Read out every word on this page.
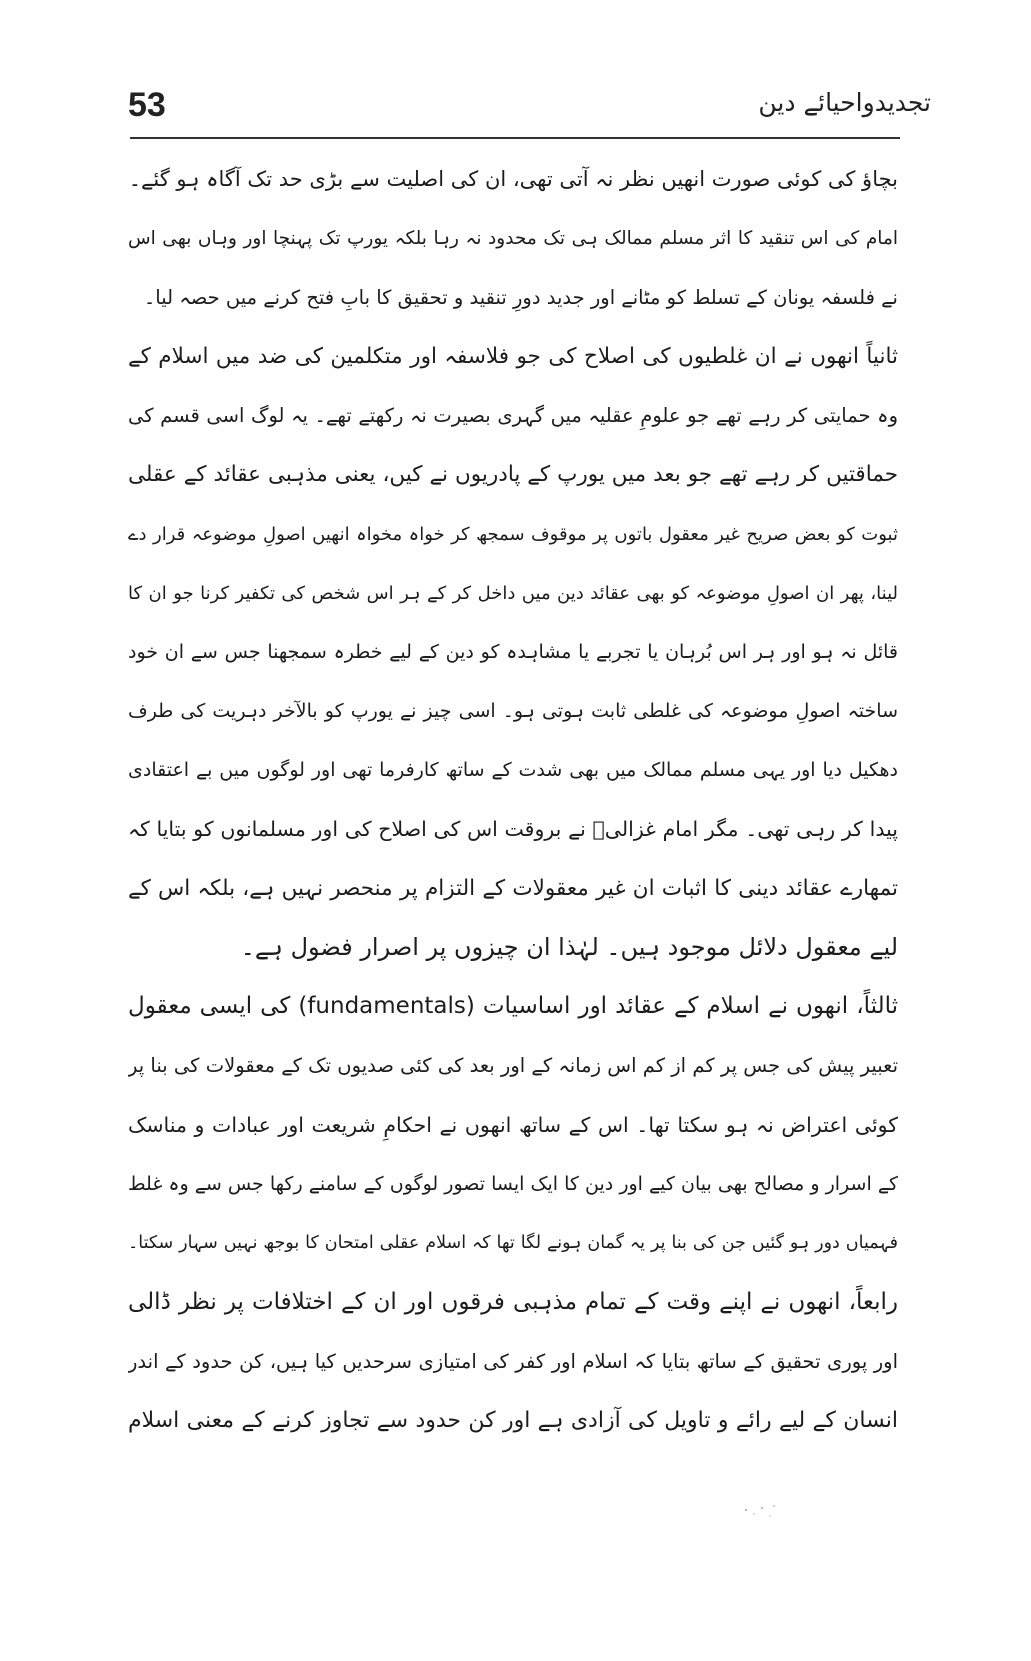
53	تجدیدواحیائے دین
بچاؤ کی کوئی صورت انھیں نظر نہ آتی تھی، ان کی اصلیت سے بڑی حد تک آگاہ ہو گئے۔
امام کی اس تنقید کا اثر مسلم ممالک ہی تک محدود نہ رہا بلکہ یورپ تک پہنچا اور وہاں بھی اس
نے فلسفہ یونان کے تسلط کو مٹانے اور جدید دورِ تنقید و تحقیق کا بابِ فتح کرنے میں حصہ لیا۔
ثانیاً انھوں نے ان غلطیوں کی اصلاح کی جو فلاسفہ اور متکلمین کی ضد میں اسلام کے
وہ حمایتی کر رہے تھے جو علومِ عقلیہ میں گہری بصیرت نہ رکھتے تھے۔ یہ لوگ اسی قسم کی
حماقتیں کر رہے تھے جو بعد میں یورپ کے پادریوں نے کیں، یعنی مذہبی عقائد کے عقلی
ثبوت کو بعض صریح غیر معقول باتوں پر موقوف سمجھ کر خواہ مخواہ انھیں اصولِ موضوعہ قرار دے
لینا، پھر ان اصولِ موضوعہ کو بھی عقائد دین میں داخل کر کے ہر اس شخص کی تکفیر کرنا جو ان کا
قائل نہ ہو اور ہر اس بُرہان یا تجربے یا مشاہدہ کو دین کے لیے خطرہ سمجھنا جس سے ان خود
ساختہ اصولِ موضوعہ کی غلطی ثابت ہوتی ہو۔ اسی چیز نے یورپ کو بالآخر دہریت کی طرف
دھکیل دیا اور یہی مسلم ممالک میں بھی شدت کے ساتھ کارفرما تھی اور لوگوں میں بے اعتقادی
پیدا کر رہی تھی۔ مگر امام غزالیؒ نے بروقت اس کی اصلاح کی اور مسلمانوں کو بتایا کہ
تمھارے عقائد دینی کا اثبات ان غیر معقولات کے التزام پر منحصر نہیں ہے، بلکہ اس کے
لیے معقول دلائل موجود ہیں۔ لہٰذا ان چیزوں پر اصرار فضول ہے۔
ثالثاً، انھوں نے اسلام کے عقائد اور اساسیات (fundamentals) کی ایسی معقول
تعبیر پیش کی جس پر کم از کم اس زمانہ کے اور بعد کی کئی صدیوں تک کے معقولات کی بنا پر
کوئی اعتراض نہ ہو سکتا تھا۔ اس کے ساتھ انھوں نے احکامِ شریعت اور عبادات و مناسک
کے اسرار و مصالح بھی بیان کیے اور دین کا ایک ایسا تصور لوگوں کے سامنے رکھا جس سے وہ غلط
فہمیاں دور ہو گئیں جن کی بنا پر یہ گمان ہونے لگا تھا کہ اسلام عقلی امتحان کا بوجھ نہیں سہار سکتا۔
رابعاً، انھوں نے اپنے وقت کے تمام مذہبی فرقوں اور ان کے اختلافات پر نظر ڈالی
اور پوری تحقیق کے ساتھ بتایا کہ اسلام اور کفر کی امتیازی سرحدیں کیا ہیں، کن حدود کے اندر
انسان کے لیے رائے و تاویل کی آزادی ہے اور کن حدود سے تجاوز کرنے کے معنی اسلام
